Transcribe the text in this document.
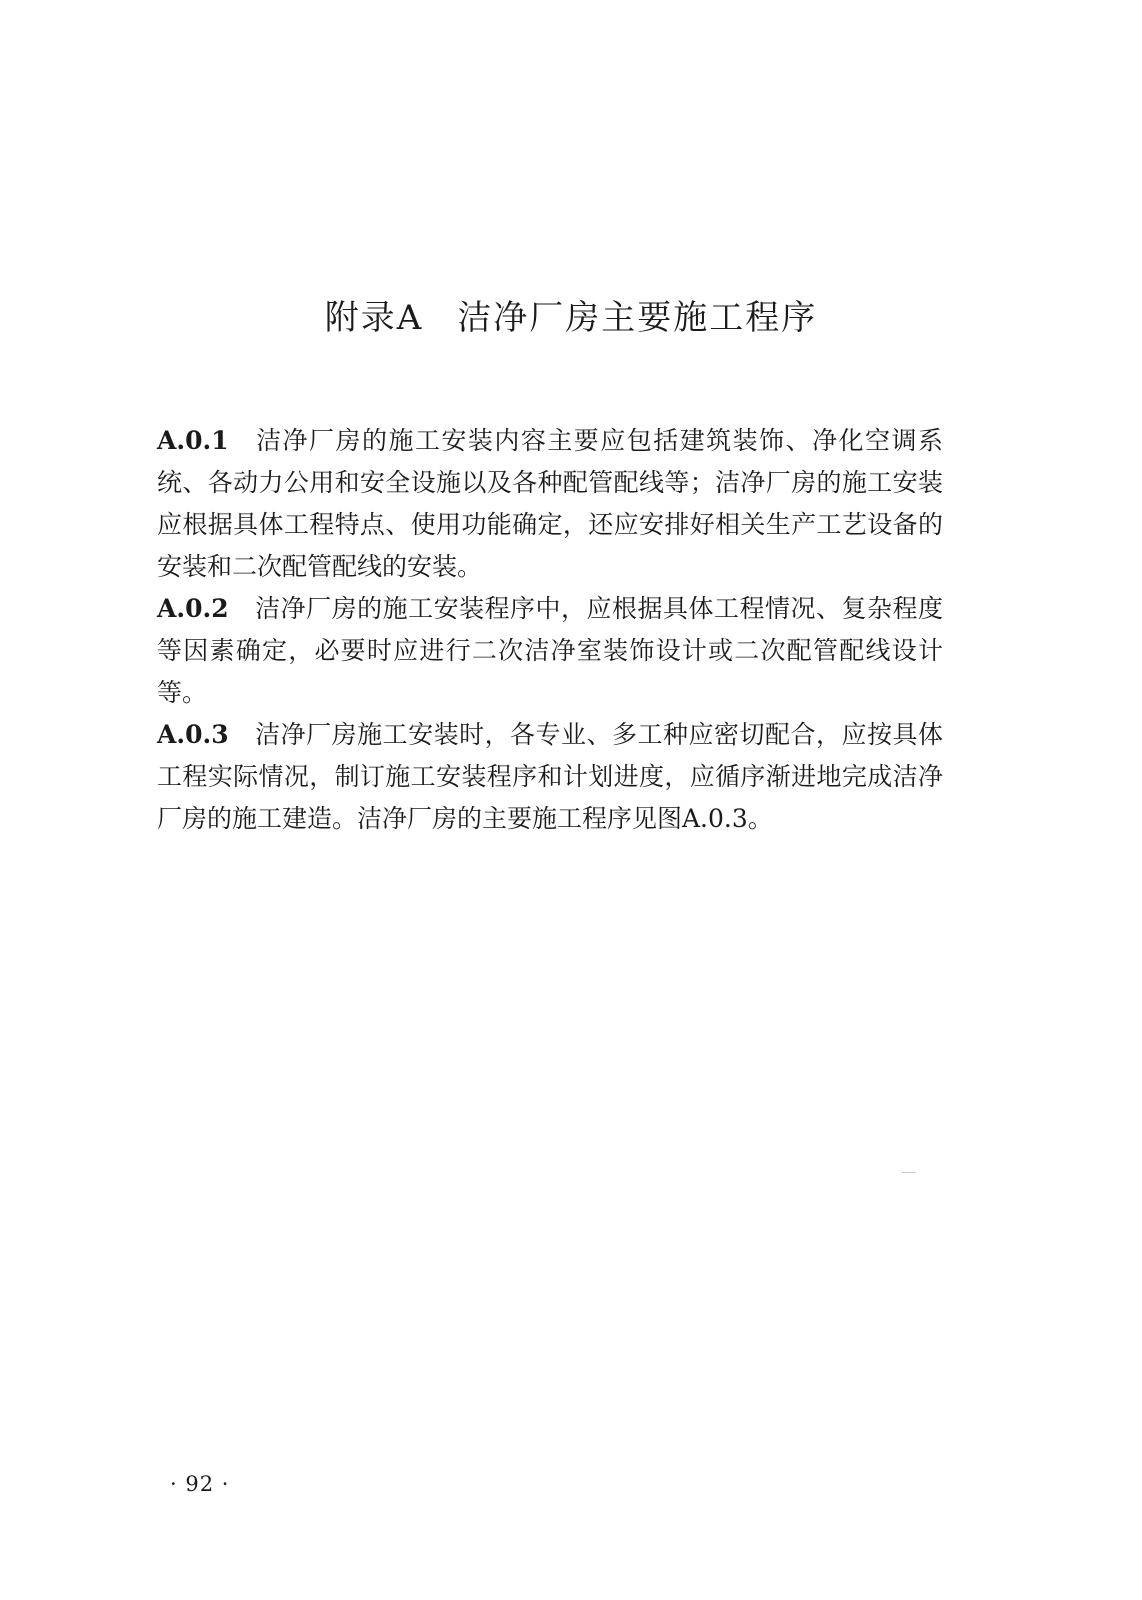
附录A 洁净厂房主要施工程序

A.0.1 洁净厂房的施工安装内容主要应包括建筑装饰、净化空调系统、各动力公用和安全设施以及各种配管配线等；洁净厂房的施工安装应根据具体工程特点、使用功能确定，还应安排好相关生产工艺设备的安装和二次配管配线的安装。

A.0.2 洁净厂房的施工安装程序中，应根据具体工程情况、复杂程度等因素确定，必要时应进行二次洁净室装饰设计或二次配管配线设计等。

A.0.3 洁净厂房施工安装时，各专业、多工种应密切配合，应按具体工程实际情况，制订施工安装程序和计划进度，应循序渐进地完成洁净厂房的施工建造。洁净厂房的主要施工程序见图A.0.3。

· 92 ·
